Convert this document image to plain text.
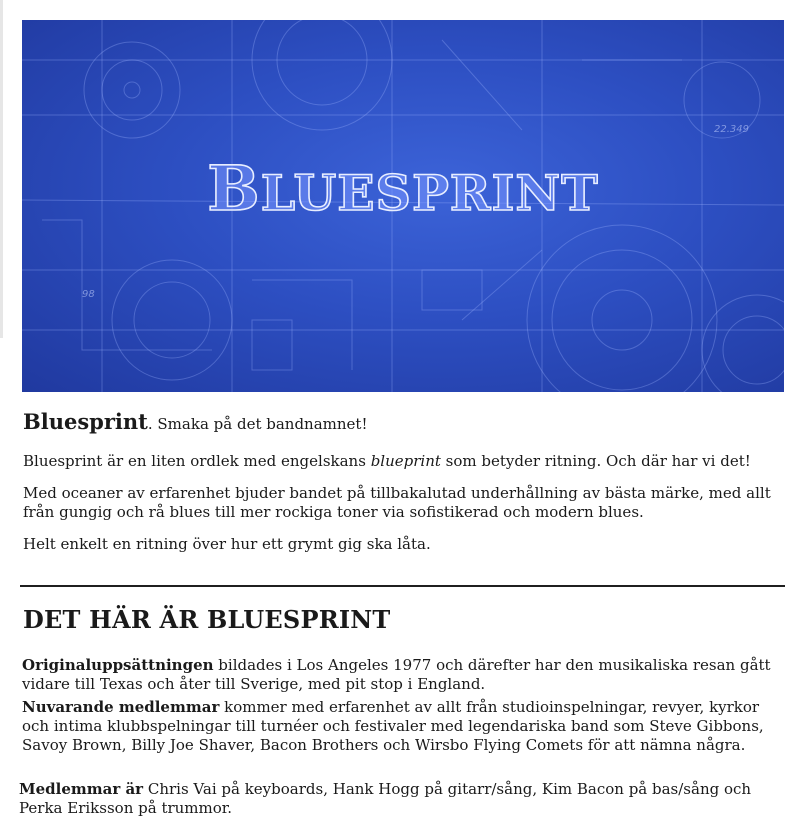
22.349
98
BLUESPRINT
Bluesprint. Smaka på det bandnamnet!

Bluesprint är en liten ordlek med engelskans blueprint som betyder ritning. Och där har vi det!

Med oceaner av erfarenhet bjuder bandet på tillbakalutad underhållning av bästa märke, med allt från gungig och rå blues till mer rockiga toner via sofistikerad och modern blues.

Helt enkelt en ritning över hur ett grymt gig ska låta.

DET HÄR ÄR BLUESPRINT

Originaluppsättningen bildades i Los Angeles 1977 och därefter har den musikaliska resan gått vidare till Texas och åter till Sverige, med pit stop i England.

Nuvarande medlemmar kommer med erfarenhet av allt från studioinspelningar, revyer, kyrkor och intima klubbspelningar till turnéer och festivaler med legendariska band som Steve Gibbons, Savoy Brown, Billy Joe Shaver, Bacon Brothers och Wirsbo Flying Comets för att nämna några.

Medlemmar är Chris Vai på keyboards, Hank Hogg på gitarr/sång, Kim Bacon på bas/sång och Perka Eriksson på trummor.
